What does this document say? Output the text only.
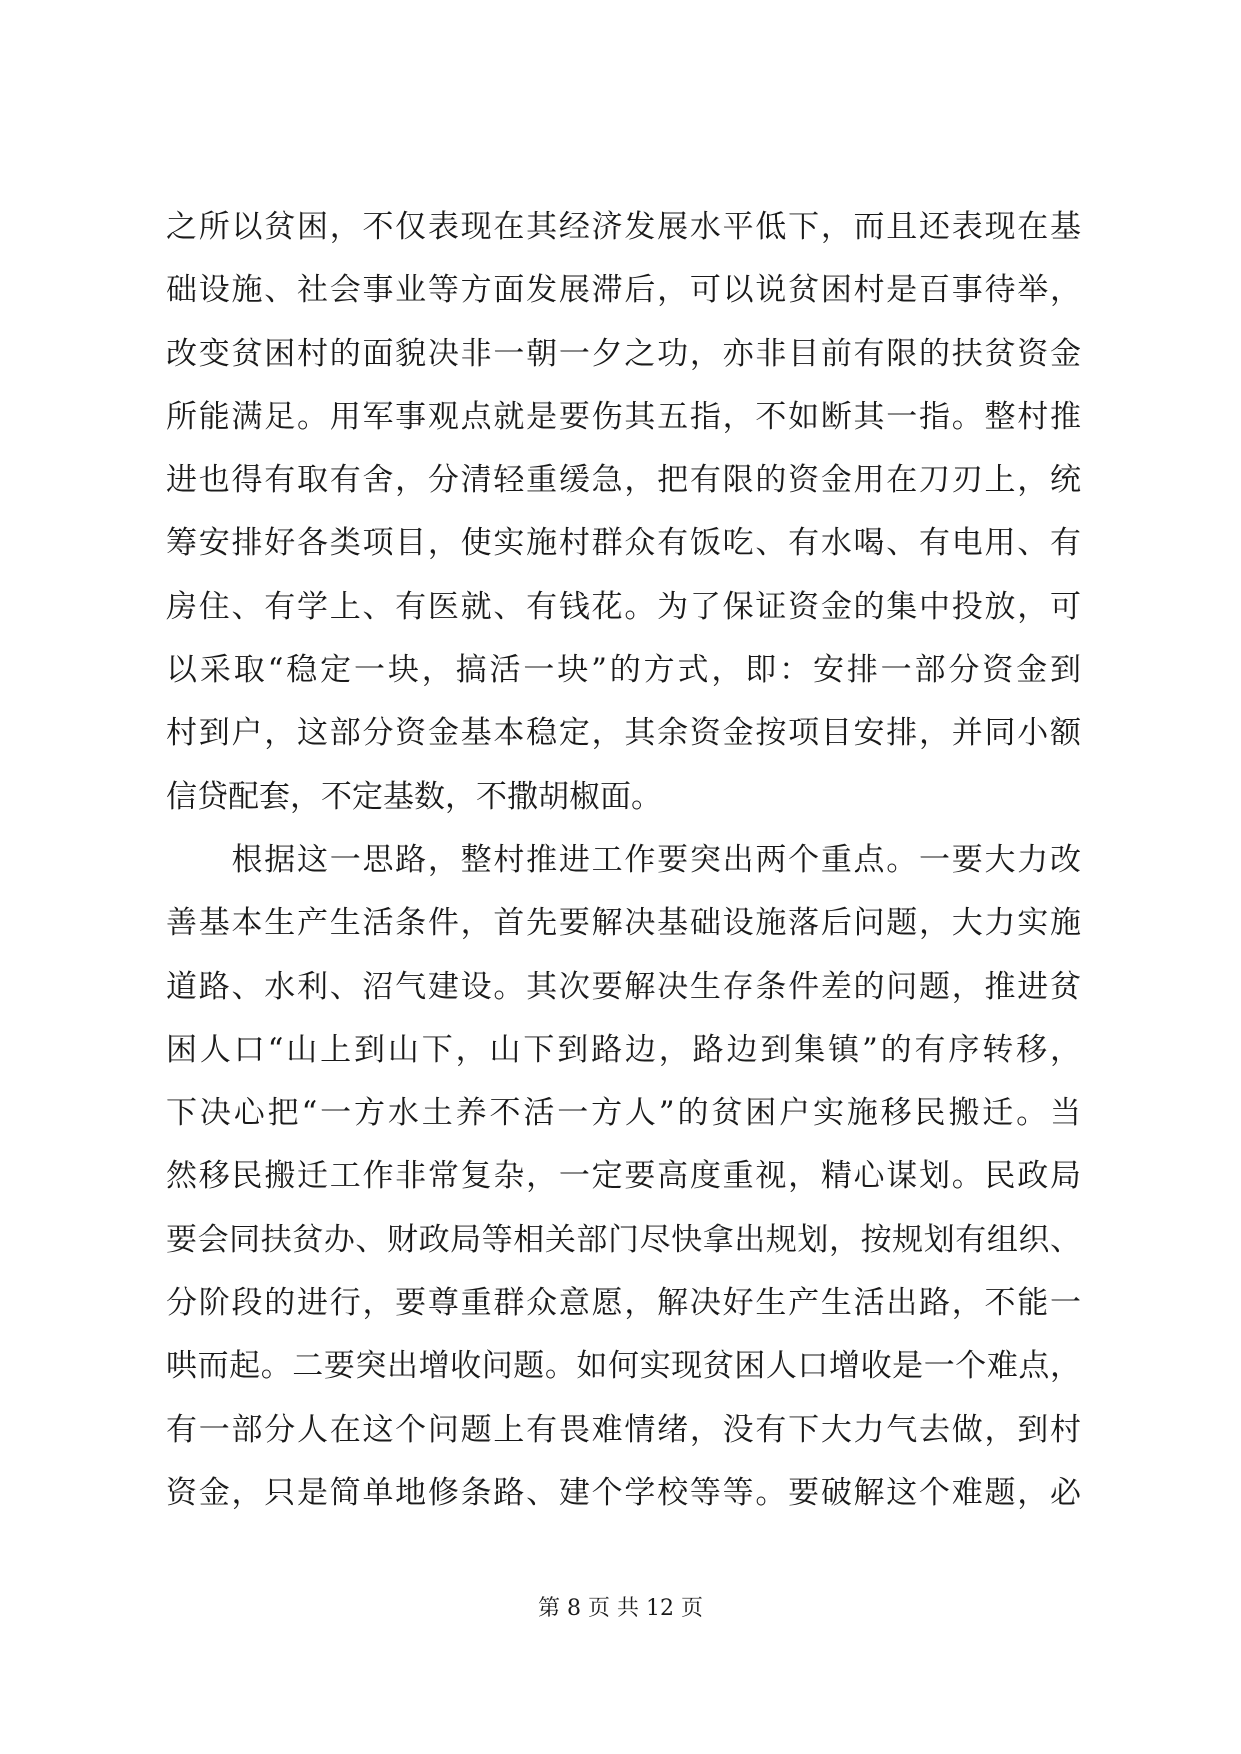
之所以贫困，不仅表现在其经济发展水平低下，而且还表现在基
础设施、社会事业等方面发展滞后，可以说贫困村是百事待举，
改变贫困村的面貌决非一朝一夕之功，亦非目前有限的扶贫资金
所能满足。用军事观点就是要伤其五指，不如断其一指。整村推
进也得有取有舍，分清轻重缓急，把有限的资金用在刀刃上，统
筹安排好各类项目，使实施村群众有饭吃、有水喝、有电用、有
房住、有学上、有医就、有钱花。为了保证资金的集中投放，可
以采取“稳定一块，搞活一块”的方式，即：安排一部分资金到
村到户，这部分资金基本稳定，其余资金按项目安排，并同小额
信贷配套，不定基数，不撒胡椒面。
　　根据这一思路，整村推进工作要突出两个重点。一要大力改
善基本生产生活条件，首先要解决基础设施落后问题，大力实施
道路、水利、沼气建设。其次要解决生存条件差的问题，推进贫
困人口“山上到山下，山下到路边，路边到集镇”的有序转移，
下决心把“一方水土养不活一方人”的贫困户实施移民搬迁。当
然移民搬迁工作非常复杂，一定要高度重视，精心谋划。民政局
要会同扶贫办、财政局等相关部门尽快拿出规划，按规划有组织、
分阶段的进行，要尊重群众意愿，解决好生产生活出路，不能一
哄而起。二要突出增收问题。如何实现贫困人口增收是一个难点，
有一部分人在这个问题上有畏难情绪，没有下大力气去做，到村
资金，只是简单地修条路、建个学校等等。要破解这个难题，必
第 8 页 共 12 页
